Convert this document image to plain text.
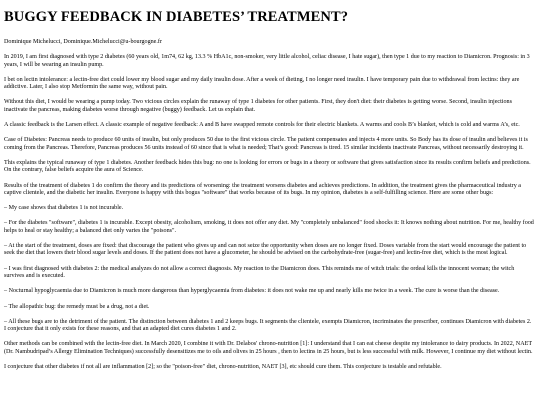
BUGGY FEEDBACK IN DIABETES’ TREATMENT?

Dominique Michelucci, Dominique.Michelucci@u-bourgogne.fr

In 2019, I am first diagnosed with type 2 diabetes (60 years old, 1m74, 62 kg, 13.3 % HbA1c, non-smoker, very little alcohol, celiac disease, I hate sugar), then type 1 due to my reaction to Diamicron. Prognosis: in 3 years, I will be wearing an insulin pump.

I bet on lectin intolerance: a lectin-free diet could lower my blood sugar and my daily insulin dose. After a week of dieting, I no longer need insulin. I have temporary pain due to withdrawal from lectins: they are addictive. Later, I also stop Metformin the same way, without pain.

Without this diet, I would be wearing a pump today. Two vicious circles explain the runaway of type 1 diabetes for other patients. First, they don't diet: their diabetes is getting worse. Second, insulin injections inactivate the pancreas, making diabetes worse through negative (buggy) feedback. Let us explain that.

A classic feedback is the Larsen effect. A classic example of negative feedback: A and B have swapped remote controls for their electric blankets. A warms and cools B’s blanket, which is cold and warms A’s, etc.

Case of Diabetes: Pancreas needs to produce 60 units of insulin, but only produces 50 due to the first vicious circle. The patient compensates and injects 4 more units. So Body has its dose of insulin and believes it is coming from the Pancreas. Therefore, Pancreas produces 56 units instead of 60 since that is what is needed; That’s good: Pancreas is tired. 15 similar incidents inactivate Pancreas, without necessarily destroying it.

This explains the typical runaway of type 1 diabetes. Another feedback hides this bug: no one is looking for errors or bugs in a theory or software that gives satisfaction since its results confirm beliefs and predictions. On the contrary, false beliefs acquire the aura of Science.

Results of the treatment of diabetes 1 do confirm the theory and its predictions of worsening: the treatment worsens diabetes and achieves predictions. In addition, the treatment gives the pharmaceutical industry a captive clientele, and the diabetic her insulin. Everyone is happy with this bogus "software" that works because of its bugs. In my opinion, diabetes is a self-fulfilling science. Here are some other bugs:

– My case shows that diabetes 1 is not incurable.

– For the diabetes "software", diabetes 1 is incurable. Except obesity, alcoholism, smoking, it does not offer any diet. My "completely unbalanced" food shocks it: It knows nothing about nutrition. For me, healthy food helps to heal or stay healthy; a balanced diet only varies the "poisons".

– At the start of the treatment, doses are fixed: that discourage the patient who gives up and can not seize the opportunity when doses are no longer fixed. Doses variable from the start would encourage the patient to seek the diet that lowers their blood sugar levels and doses. If the patient does not have a glucometer, he should be advised on the carbohydrate-free (sugar-free) and lectin-free diet, which is the most logical.

– I was first diagnosed with diabetes 2: the medical analyzes do not allow a correct diagnosis. My reaction to the Diamicron does. This reminds me of witch trials: the ordeal kills the innocent woman; the witch survives and is executed.

– Nocturnal hypoglycaemia due to Diamicron is much more dangerous than hyperglycaemia from diabetes: it does not wake me up and nearly kills me twice in a week. The cure is worse than the disease.

– The allopathic bug: the remedy must be a drug, not a diet.

– All these bugs are to the detriment of the patient. The distinction between diabetes 1 and 2 keeps bugs. It segments the clientele, exempts Diamicron, incriminates the prescriber, continues Diamicron with diabetes 2. I conjecture that it only exists for these reasons, and that an adapted diet cures diabetes 1 and 2.

Other methods can be combined with the lectin-free diet. In March 2020, I combine it with Dr. Delabos' chrono-nutrition [1]: I understand that I can eat cheese despite my intolerance to dairy products. In 2022, NAET (Dr. Nambudripad’s Allergy Elimination Techniques) successfully desensitizes me to oils and olives in 25 hours , then to lectins in 25 hours, but is less successful with milk. However, I continue my diet without lectin.

I conjecture that other diabetes if not all are inflammation [2]; so the "poison-free" diet, chrono-nutrition, NAET [3], etc should cure them. This conjecture is testable and refutable.
